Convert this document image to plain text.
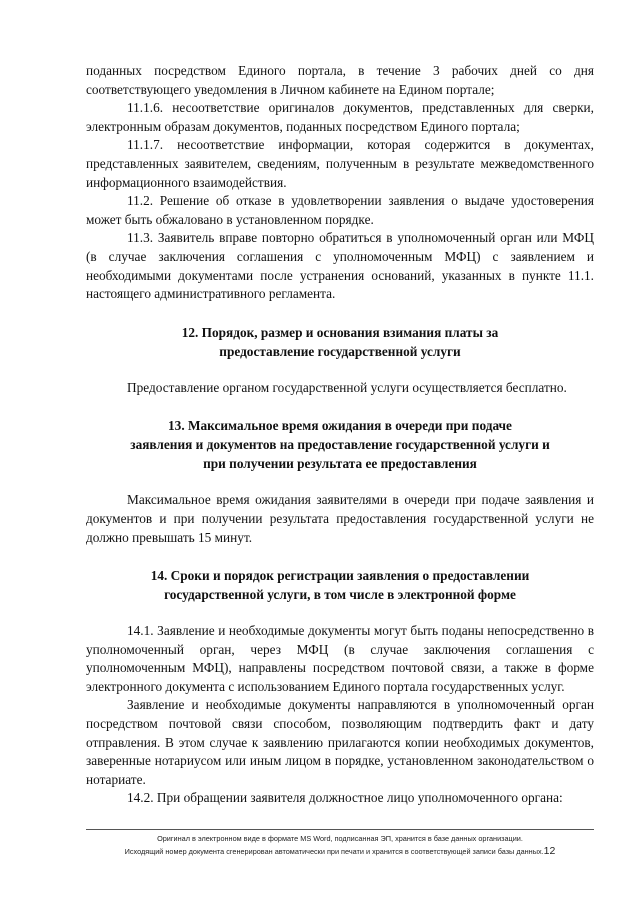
поданных посредством Единого портала, в течение 3 рабочих дней со дня соответствующего уведомления в Личном кабинете на Едином портале;

11.1.6. несоответствие оригиналов документов, представленных для сверки, электронным образам документов, поданных посредством Единого портала;

11.1.7. несоответствие информации, которая содержится в документах, представленных заявителем, сведениям, полученным в результате межведомственного информационного взаимодействия.

11.2. Решение об отказе в удовлетворении заявления о выдаче удостоверения может быть обжаловано в установленном порядке.

11.3. Заявитель вправе повторно обратиться в уполномоченный орган или МФЦ (в случае заключения соглашения с уполномоченным МФЦ) с заявлением и необходимыми документами после устранения оснований, указанных в пункте 11.1. настоящего административного регламента.

12. Порядок, размер и основания взимания платы за
предоставление государственной услуги

Предоставление органом государственной услуги осуществляется бесплатно.

13. Максимальное время ожидания в очереди при подаче
заявления и документов на предоставление государственной услуги и
при получении результата ее предоставления

Максимальное время ожидания заявителями в очереди при подаче заявления и документов и при получении результата предоставления государственной услуги не должно превышать 15 минут.

14. Сроки и порядок регистрации заявления о предоставлении
государственной услуги, в том числе в электронной форме

14.1. Заявление и необходимые документы могут быть поданы непосредственно в уполномоченный орган, через МФЦ (в случае заключения соглашения с уполномоченным МФЦ), направлены посредством почтовой связи, а также в форме электронного документа с использованием Единого портала государственных услуг.

Заявление и необходимые документы направляются в уполномоченный орган посредством почтовой связи способом, позволяющим подтвердить факт и дату отправления. В этом случае к заявлению прилагаются копии необходимых документов, заверенные нотариусом или иным лицом в порядке, установленном законодательством о нотариате.

14.2. При обращении заявителя должностное лицо уполномоченного органа:

Оригинал в электронном виде в формате MS Word, подписанная ЭП, хранится в базе данных организации.
Исходящий номер документа сгенерирован автоматически при печати и хранится в соответствующей записи базы данных.12
